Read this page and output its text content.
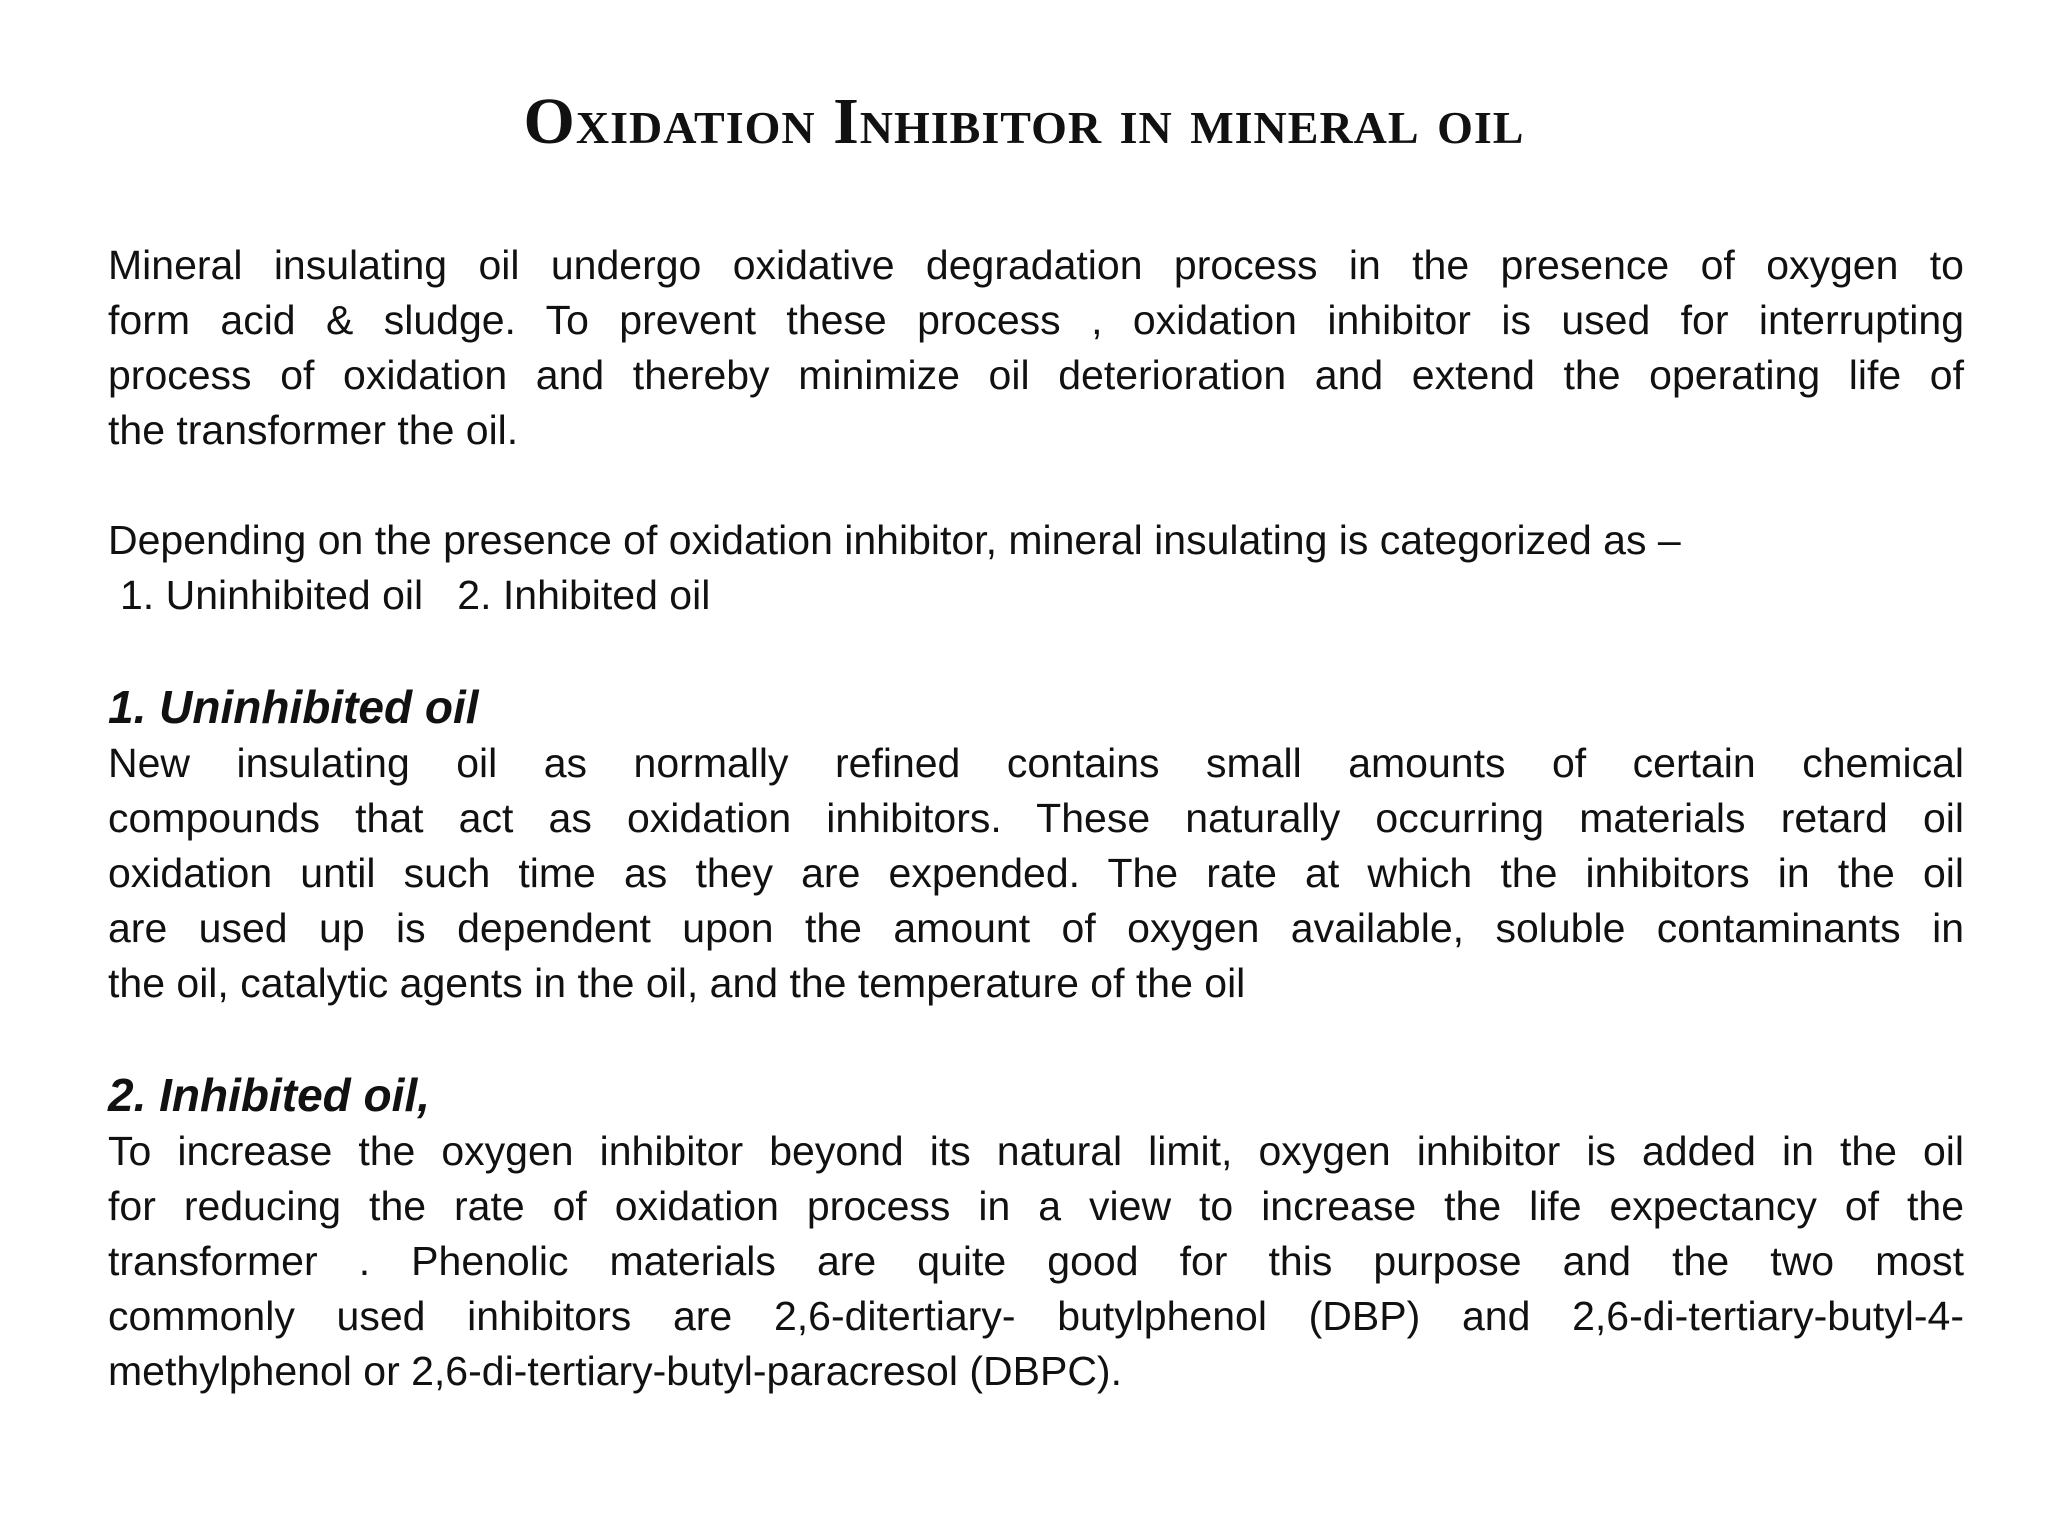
Oxidation Inhibitor in mineral oil

Mineral insulating oil undergo oxidative degradation process in the presence of oxygen to
form acid & sludge. To prevent these process , oxidation inhibitor is used for interrupting
process of oxidation and thereby minimize oil deterioration and extend the operating life of
the transformer the oil.

Depending on the presence of oxidation inhibitor, mineral insulating is categorized as –

1. Uninhibited oil   2. Inhibited oil

1. Uninhibited oil

New insulating oil as normally refined contains small amounts of certain chemical
compounds that act as oxidation inhibitors. These naturally occurring materials retard oil
oxidation until such time as they are expended. The rate at which the inhibitors in the oil
are used up is dependent upon the amount of oxygen available, soluble contaminants in
the oil, catalytic agents in the oil, and the temperature of the oil

2. Inhibited oil,

To increase the oxygen inhibitor beyond its natural limit, oxygen inhibitor is added in the oil
for reducing the rate of oxidation process in a view to increase the life expectancy of the
transformer . Phenolic materials are quite good for this purpose and the two most
commonly used inhibitors are 2,6-ditertiary- butylphenol (DBP) and 2,6-di-tertiary-butyl-4-
methylphenol or 2,6-di-tertiary-butyl-paracresol (DBPC).
